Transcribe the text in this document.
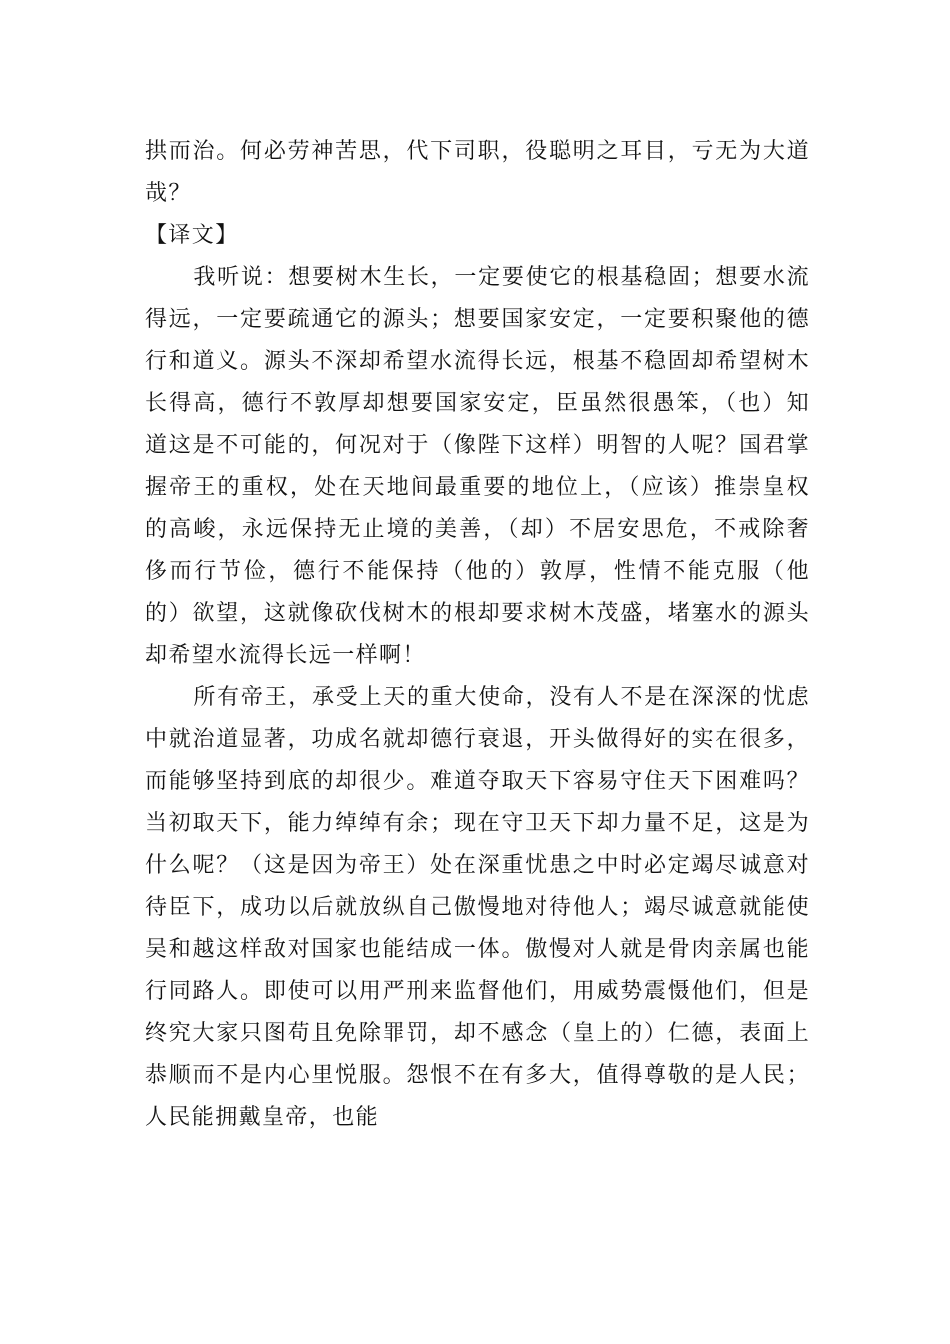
拱而治。何必劳神苦思，代下司职，役聪明之耳目，亏无为大道哉？

【译文】

我听说：想要树木生长，一定要使它的根基稳固；想要水流得远，一定要疏通它的源头；想要国家安定，一定要积聚他的德行和道义。源头不深却希望水流得长远，根基不稳固却希望树木长得高，德行不敦厚却想要国家安定，臣虽然很愚笨，（也）知道这是不可能的，何况对于（像陛下这样）明智的人呢？国君掌握帝王的重权，处在天地间最重要的地位上，（应该）推崇皇权的高峻，永远保持无止境的美善，（却）不居安思危，不戒除奢侈而行节俭，德行不能保持（他的）敦厚，性情不能克服（他的）欲望，这就像砍伐树木的根却要求树木茂盛，堵塞水的源头却希望水流得长远一样啊！

所有帝王，承受上天的重大使命，没有人不是在深深的忧虑中就治道显著，功成名就却德行衰退，开头做得好的实在很多，而能够坚持到底的却很少。难道夺取天下容易守住天下困难吗？当初取天下，能力绰绰有余；现在守卫天下却力量不足，这是为什么呢？（这是因为帝王）处在深重忧患之中时必定竭尽诚意对待臣下，成功以后就放纵自己傲慢地对待他人；竭尽诚意就能使吴和越这样敌对国家也能结成一体。傲慢对人就是骨肉亲属也能行同路人。即使可以用严刑来监督他们，用威势震慑他们，但是终究大家只图苟且免除罪罚，却不感念（皇上的）仁德，表面上恭顺而不是内心里悦服。怨恨不在有多大，值得尊敬的是人民；人民能拥戴皇帝，也能
